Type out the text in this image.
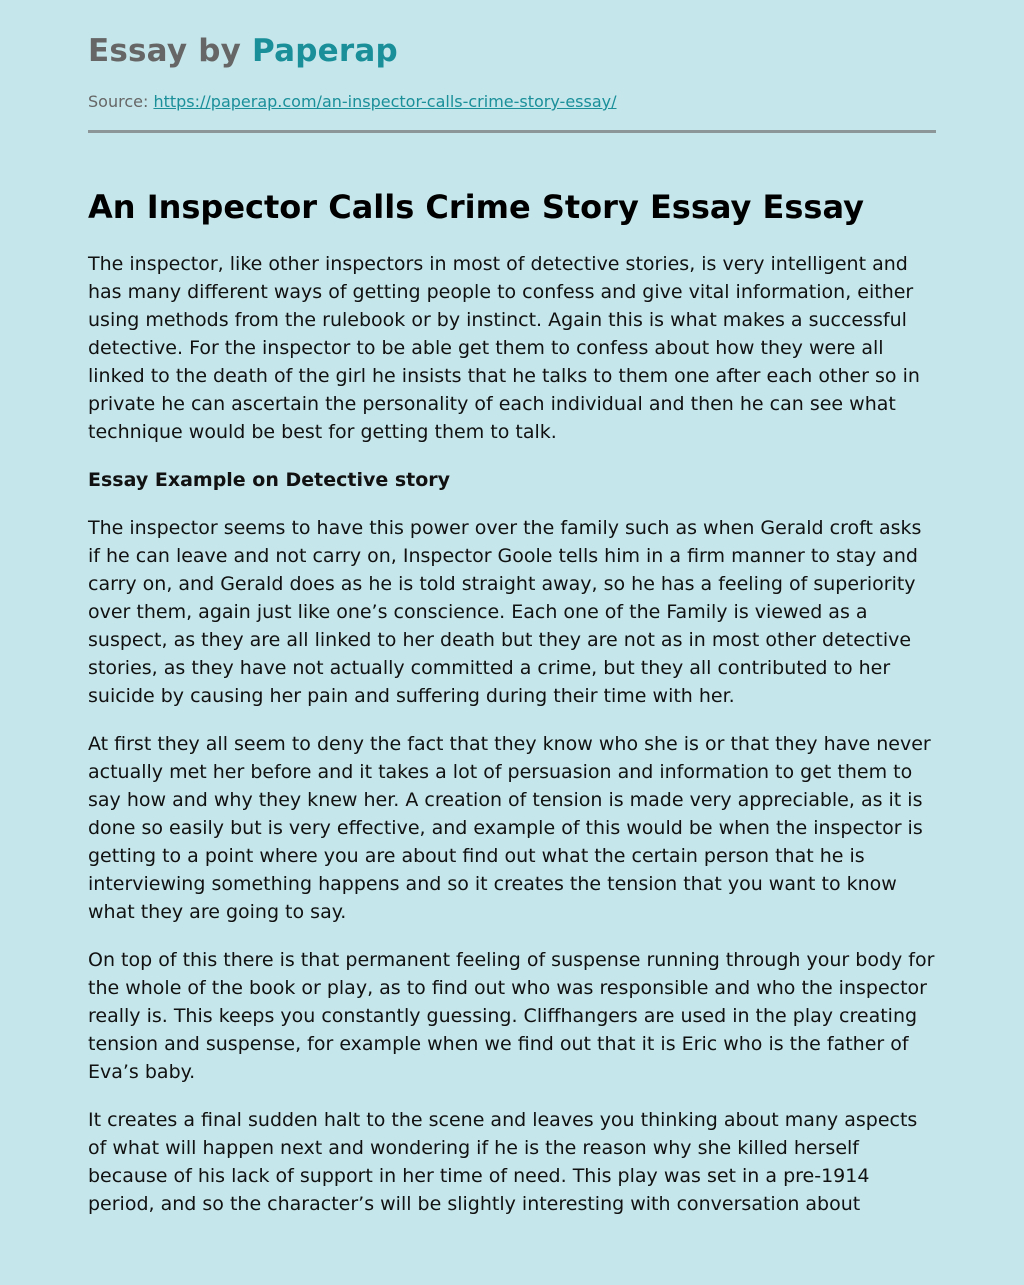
Essay by Paperap
Source: https://paperap.com/an-inspector-calls-crime-story-essay/
An Inspector Calls Crime Story Essay Essay

The inspector, like other inspectors in most of detective stories, is very intelligent and has many different ways of getting people to confess and give vital information, either using methods from the rulebook or by instinct. Again this is what makes a successful detective. For the inspector to be able get them to confess about how they were all linked to the death of the girl he insists that he talks to them one after each other so in private he can ascertain the personality of each individual and then he can see what technique would be best for getting them to talk.

Essay Example on Detective story

The inspector seems to have this power over the family such as when Gerald croft asks if he can leave and not carry on, Inspector Goole tells him in a firm manner to stay and carry on, and Gerald does as he is told straight away, so he has a feeling of superiority over them, again just like one’s conscience. Each one of the Family is viewed as a suspect, as they are all linked to her death but they are not as in most other detective stories, as they have not actually committed a crime, but they all contributed to her suicide by causing her pain and suffering during their time with her.

At first they all seem to deny the fact that they know who she is or that they have never actually met her before and it takes a lot of persuasion and information to get them to say how and why they knew her. A creation of tension is made very appreciable, as it is done so easily but is very effective, and example of this would be when the inspector is getting to a point where you are about find out what the certain person that he is interviewing something happens and so it creates the tension that you want to know what they are going to say.

On top of this there is that permanent feeling of suspense running through your body for the whole of the book or play, as to find out who was responsible and who the inspector really is. This keeps you constantly guessing. Cliffhangers are used in the play creating tension and suspense, for example when we find out that it is Eric who is the father of Eva’s baby.

It creates a final sudden halt to the scene and leaves you thinking about many aspects of what will happen next and wondering if he is the reason why she killed herself because of his lack of support in her time of need. This play was set in a pre-1914 period, and so the character’s will be slightly interesting with conversation about
